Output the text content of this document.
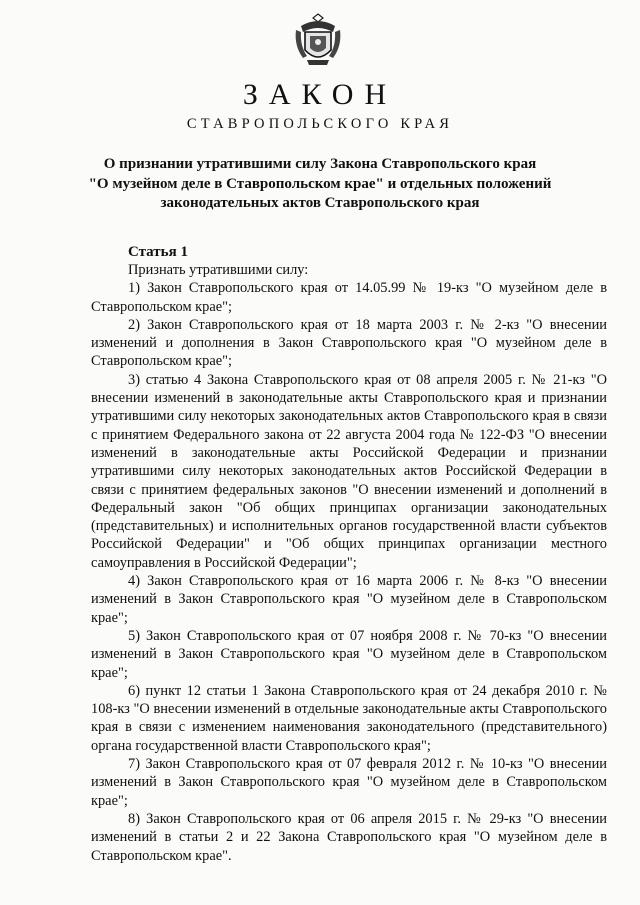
ЗАКОН
СТАВРОПОЛЬСКОГО КРАЯ
О признании утратившими силу Закона Ставропольского края
"О музейном деле в Ставропольском крае" и отдельных положений
законодательных актов Ставропольского края
Статья 1
Признать утратившими силу:
1) Закон Ставропольского края от 14.05.99 № 19-кз "О музейном деле в Ставропольском крае";
2) Закон Ставропольского края от 18 марта 2003 г. № 2-кз "О внесении изменений и дополнения в Закон Ставропольского края "О музейном деле в Ставропольском крае";
3) статью 4 Закона Ставропольского края от 08 апреля 2005 г. № 21-кз "О внесении изменений в законодательные акты Ставропольского края и признании утратившими силу некоторых законодательных актов Ставропольского края в связи с принятием Федерального закона от 22 августа 2004 года № 122-ФЗ "О внесении изменений в законодательные акты Российской Федерации и признании утратившими силу некоторых законодательных актов Российской Федерации в связи с принятием федеральных законов "О внесении изменений и дополнений в Федеральный закон "Об общих принципах организации законодательных (представительных) и исполнительных органов государственной власти субъектов Российской Федерации" и "Об общих принципах организации местного самоуправления в Российской Федерации";
4) Закон Ставропольского края от 16 марта 2006 г. № 8-кз "О внесении изменений в Закон Ставропольского края "О музейном деле в Ставропольском крае";
5) Закон Ставропольского края от 07 ноября 2008 г. № 70-кз "О внесении изменений в Закон Ставропольского края "О музейном деле в Ставропольском крае";
6) пункт 12 статьи 1 Закона Ставропольского края от 24 декабря 2010 г. № 108-кз "О внесении изменений в отдельные законодательные акты Ставропольского края в связи с изменением наименования законодательного (представительного) органа государственной власти Ставропольского края";
7) Закон Ставропольского края от 07 февраля 2012 г. № 10-кз "О внесении изменений в Закон Ставропольского края "О музейном деле в Ставропольском крае";
8) Закон Ставропольского края от 06 апреля 2015 г. № 29-кз "О внесении изменений в статьи 2 и 22 Закона Ставропольского края "О музейном деле в Ставропольском крае".
